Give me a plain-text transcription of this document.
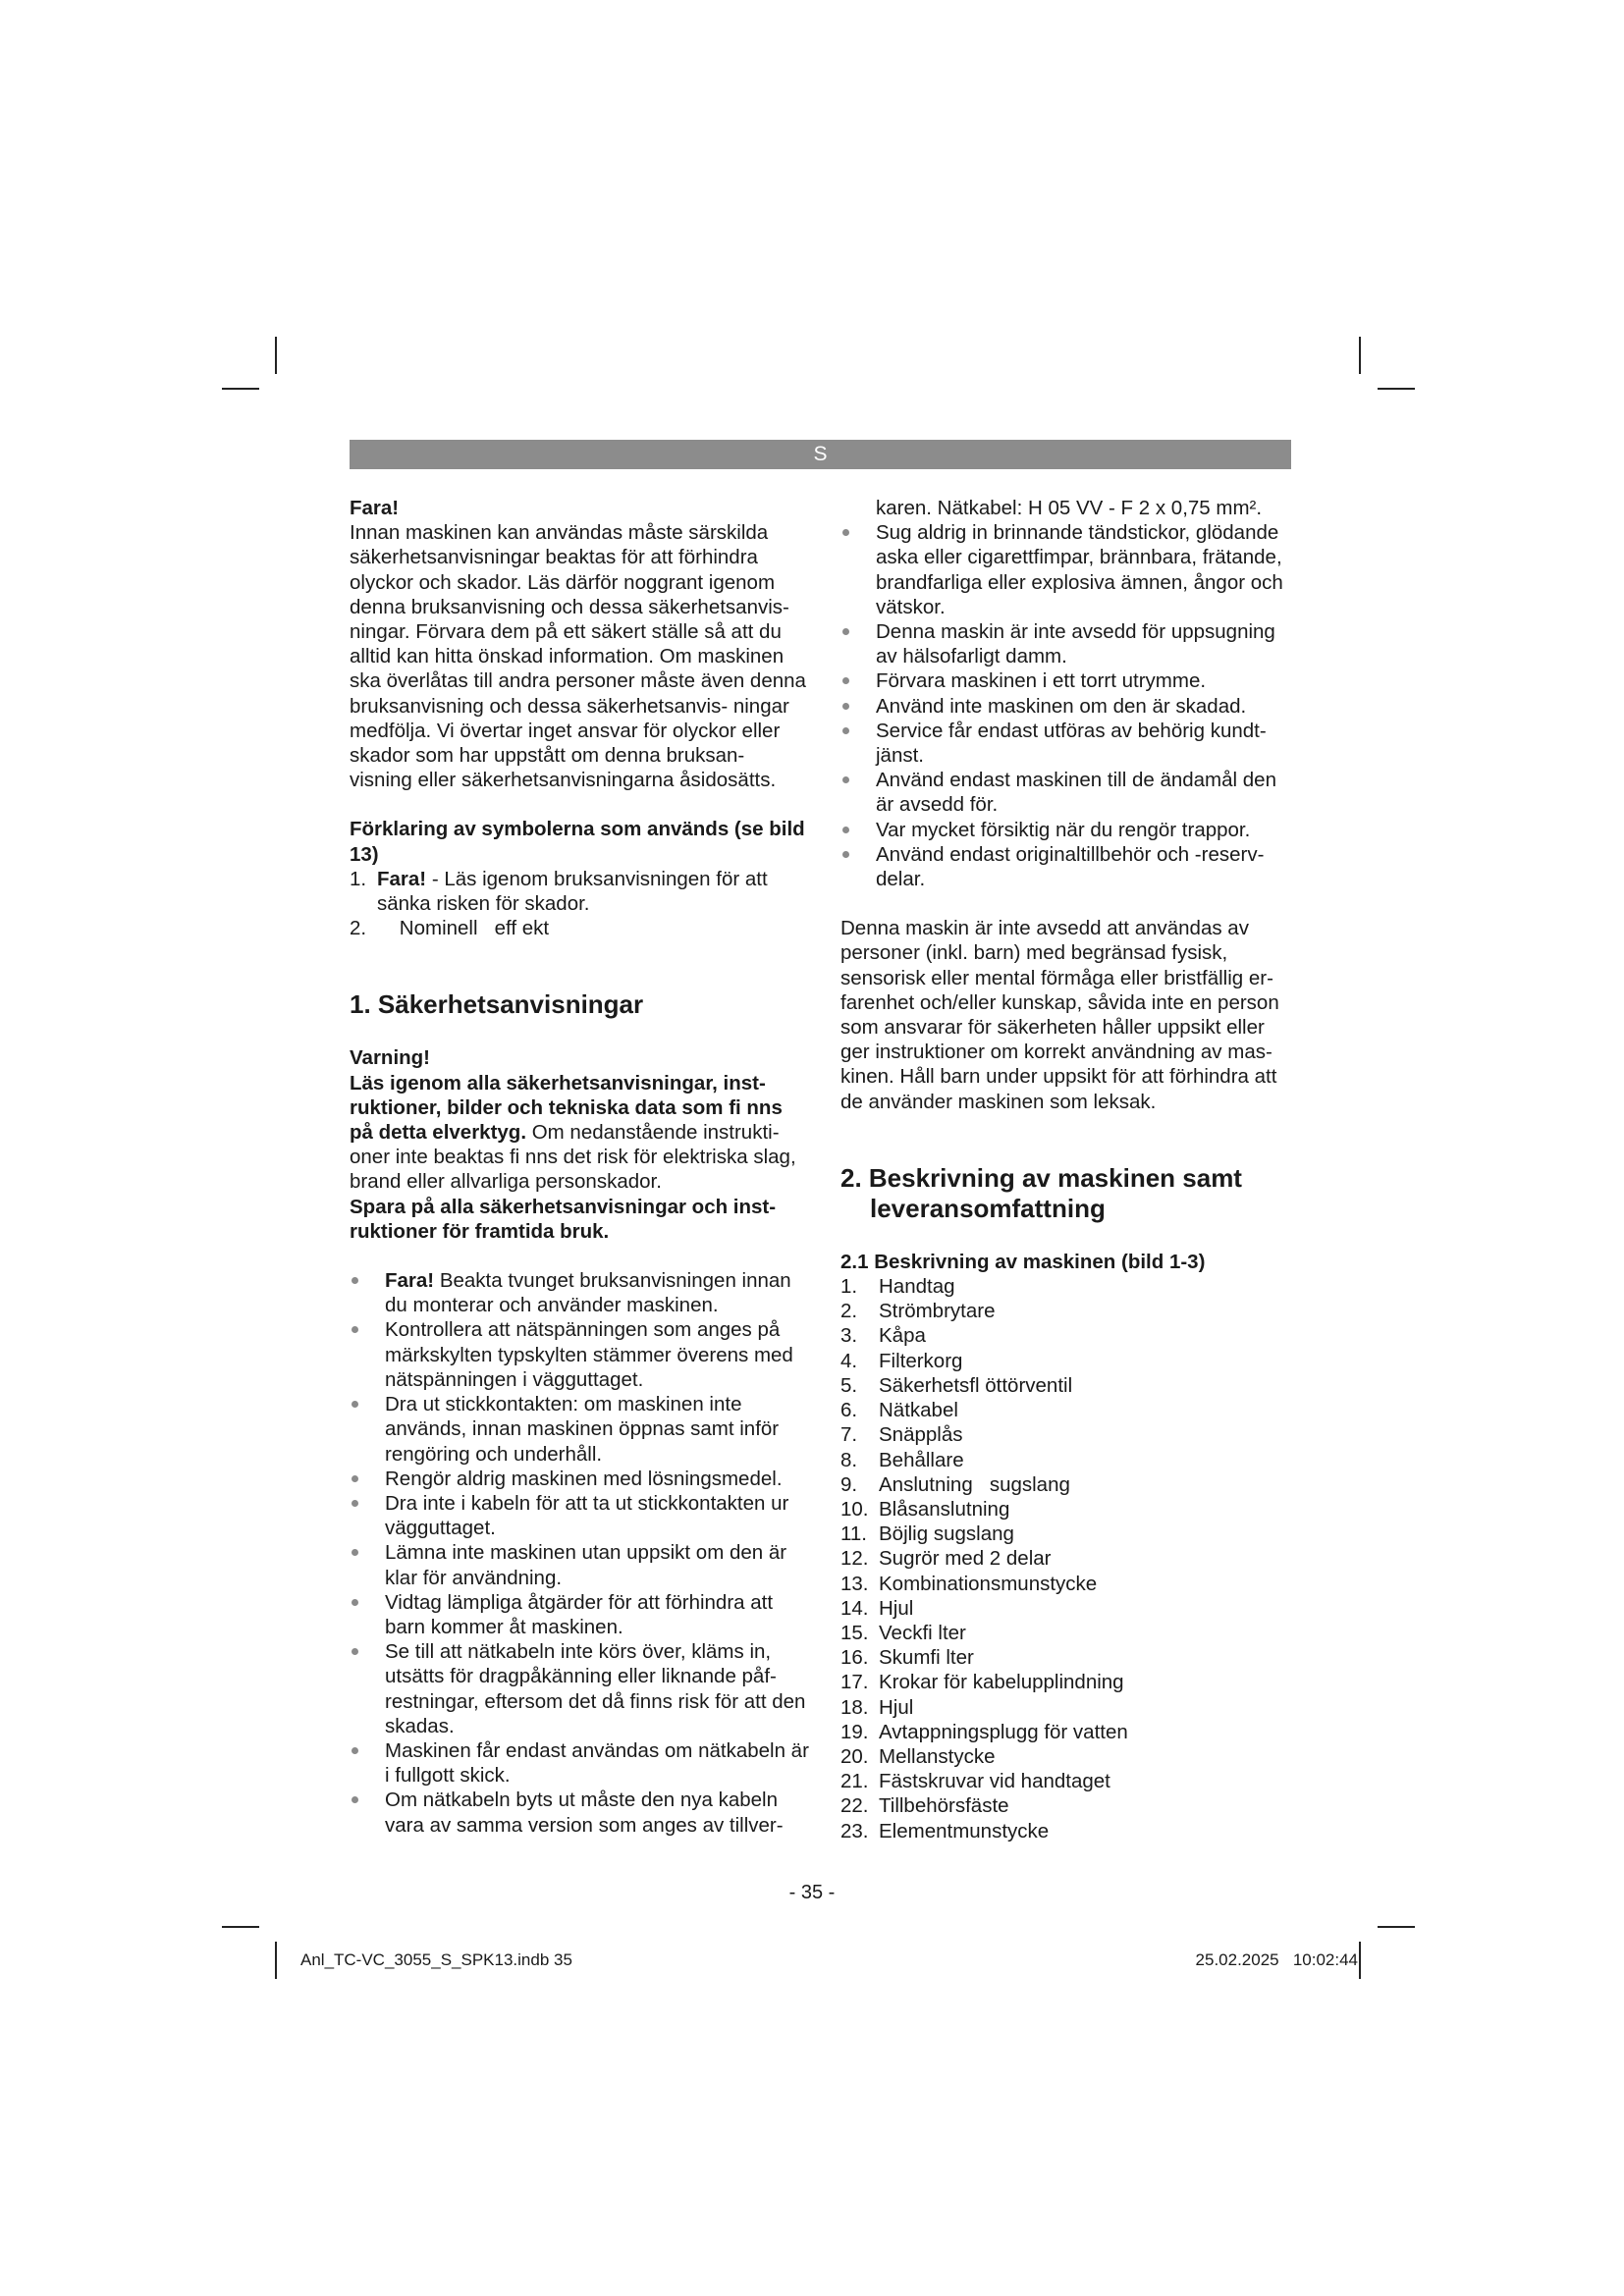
S

Fara!

Innan maskinen kan användas måste särskilda säkerhetsanvisningar beaktas för att förhindra olyckor och skador. Läs därför noggrant igenom denna bruksanvisning och dessa säkerhetsanvis- ningar. Förvara dem på ett säkert ställe så att du alltid kan hitta önskad information. Om maskinen ska överlåtas till andra personer måste även denna bruksanvisning och dessa säkerhetsanvis- ningar medfölja. Vi övertar inget ansvar för olyckor eller skador som har uppstått om denna bruksan- visning eller säkerhetsanvisningarna åsidosätts.

Förklaring av symbolerna som används (se bild 13)

1. Fara! - Läs igenom bruksanvisningen för att sänka risken för skador.
2. Nominell   eff ekt

1. Säkerhetsanvisningar

Varning!

Läs igenom alla säkerhetsanvisningar, inst- ruktioner, bilder och tekniska data som fi nns på detta elverktyg. Om nedanstående instrukti- oner inte beaktas fi nns det risk för elektriska slag, brand eller allvarliga personskador.

Spara på alla säkerhetsanvisningar och inst- ruktioner för framtida bruk.

Fara! Beakta tvunget bruksanvisningen innan du monterar och använder maskinen.
Kontrollera att nätspänningen som anges på märkskylten typskylten stämmer överens med nätspänningen i vägguttaget.
Dra ut stickkontakten: om maskinen inte används, innan maskinen öppnas samt inför rengöring och underhåll.
Rengör aldrig maskinen med lösningsmedel.
Dra inte i kabeln för att ta ut stickkontakten ur vägguttaget.
Lämna inte maskinen utan uppsikt om den är klar för användning.
Vidtag lämpliga åtgärder för att förhindra att barn kommer åt maskinen.
Se till att nätkabeln inte körs över, kläms in, utsätts för dragpåkänning eller liknande påf- restningar, eftersom det då finns risk för att den skadas.
Maskinen får endast användas om nätkabeln är i fullgott skick.
Om nätkabeln byts ut måste den nya kabeln vara av samma version som anges av tillver-

karen. Nätkabel: H 05 VV - F 2 x 0,75 mm².

Sug aldrig in brinnande tändstickor, glödande aska eller cigarettfimpar, brännbara, frätande, brandfarliga eller explosiva ämnen, ångor och vätskor.
Denna maskin är inte avsedd för uppsugning av hälsofarligt damm.
Förvara maskinen i ett torrt utrymme.
Använd inte maskinen om den är skadad.
Service får endast utföras av behörig kundt- jänst.
Använd endast maskinen till de ändamål den är avsedd för.
Var mycket försiktig när du rengör trappor.
Använd endast originaltillbehör och -reserv- delar.

Denna maskin är inte avsedd att användas av personer (inkl. barn) med begränsad fysisk, sensorisk eller mental förmåga eller bristfällig er- farenhet och/eller kunskap, såvida inte en person som ansvarar för säkerheten håller uppsikt eller ger instruktioner om korrekt användning av mas- kinen. Håll barn under uppsikt för att förhindra att de använder maskinen som leksak.

2. Beskrivning av maskinen samt

leveransomfattning

2.1 Beskrivning av maskinen (bild 1-3)

1. Handtag
2. Strömbrytare
3. Kåpa
4. Filterkorg
5. Säkerhetsfl öttörventil
6. Nätkabel
7. Snäpplås
8. Behållare
9. Anslutning   sugslang
10. Blåsanslutning
11. Böjlig sugslang
12. Sugrör med 2 delar
13. Kombinationsmunstycke
14. Hjul
15. Veckfi lter
16. Skumfi lter
17. Krokar för kabelupplindning
18. Hjul
19. Avtappningsplugg för vatten
20. Mellanstycke
21. Fästskruvar vid handtaget
22. Tillbehörsfäste
23. Elementmunstycke
- 35 -
Anl_TC-VC_3055_S_SPK13.indb 35	25.02.2025 10:02:44
